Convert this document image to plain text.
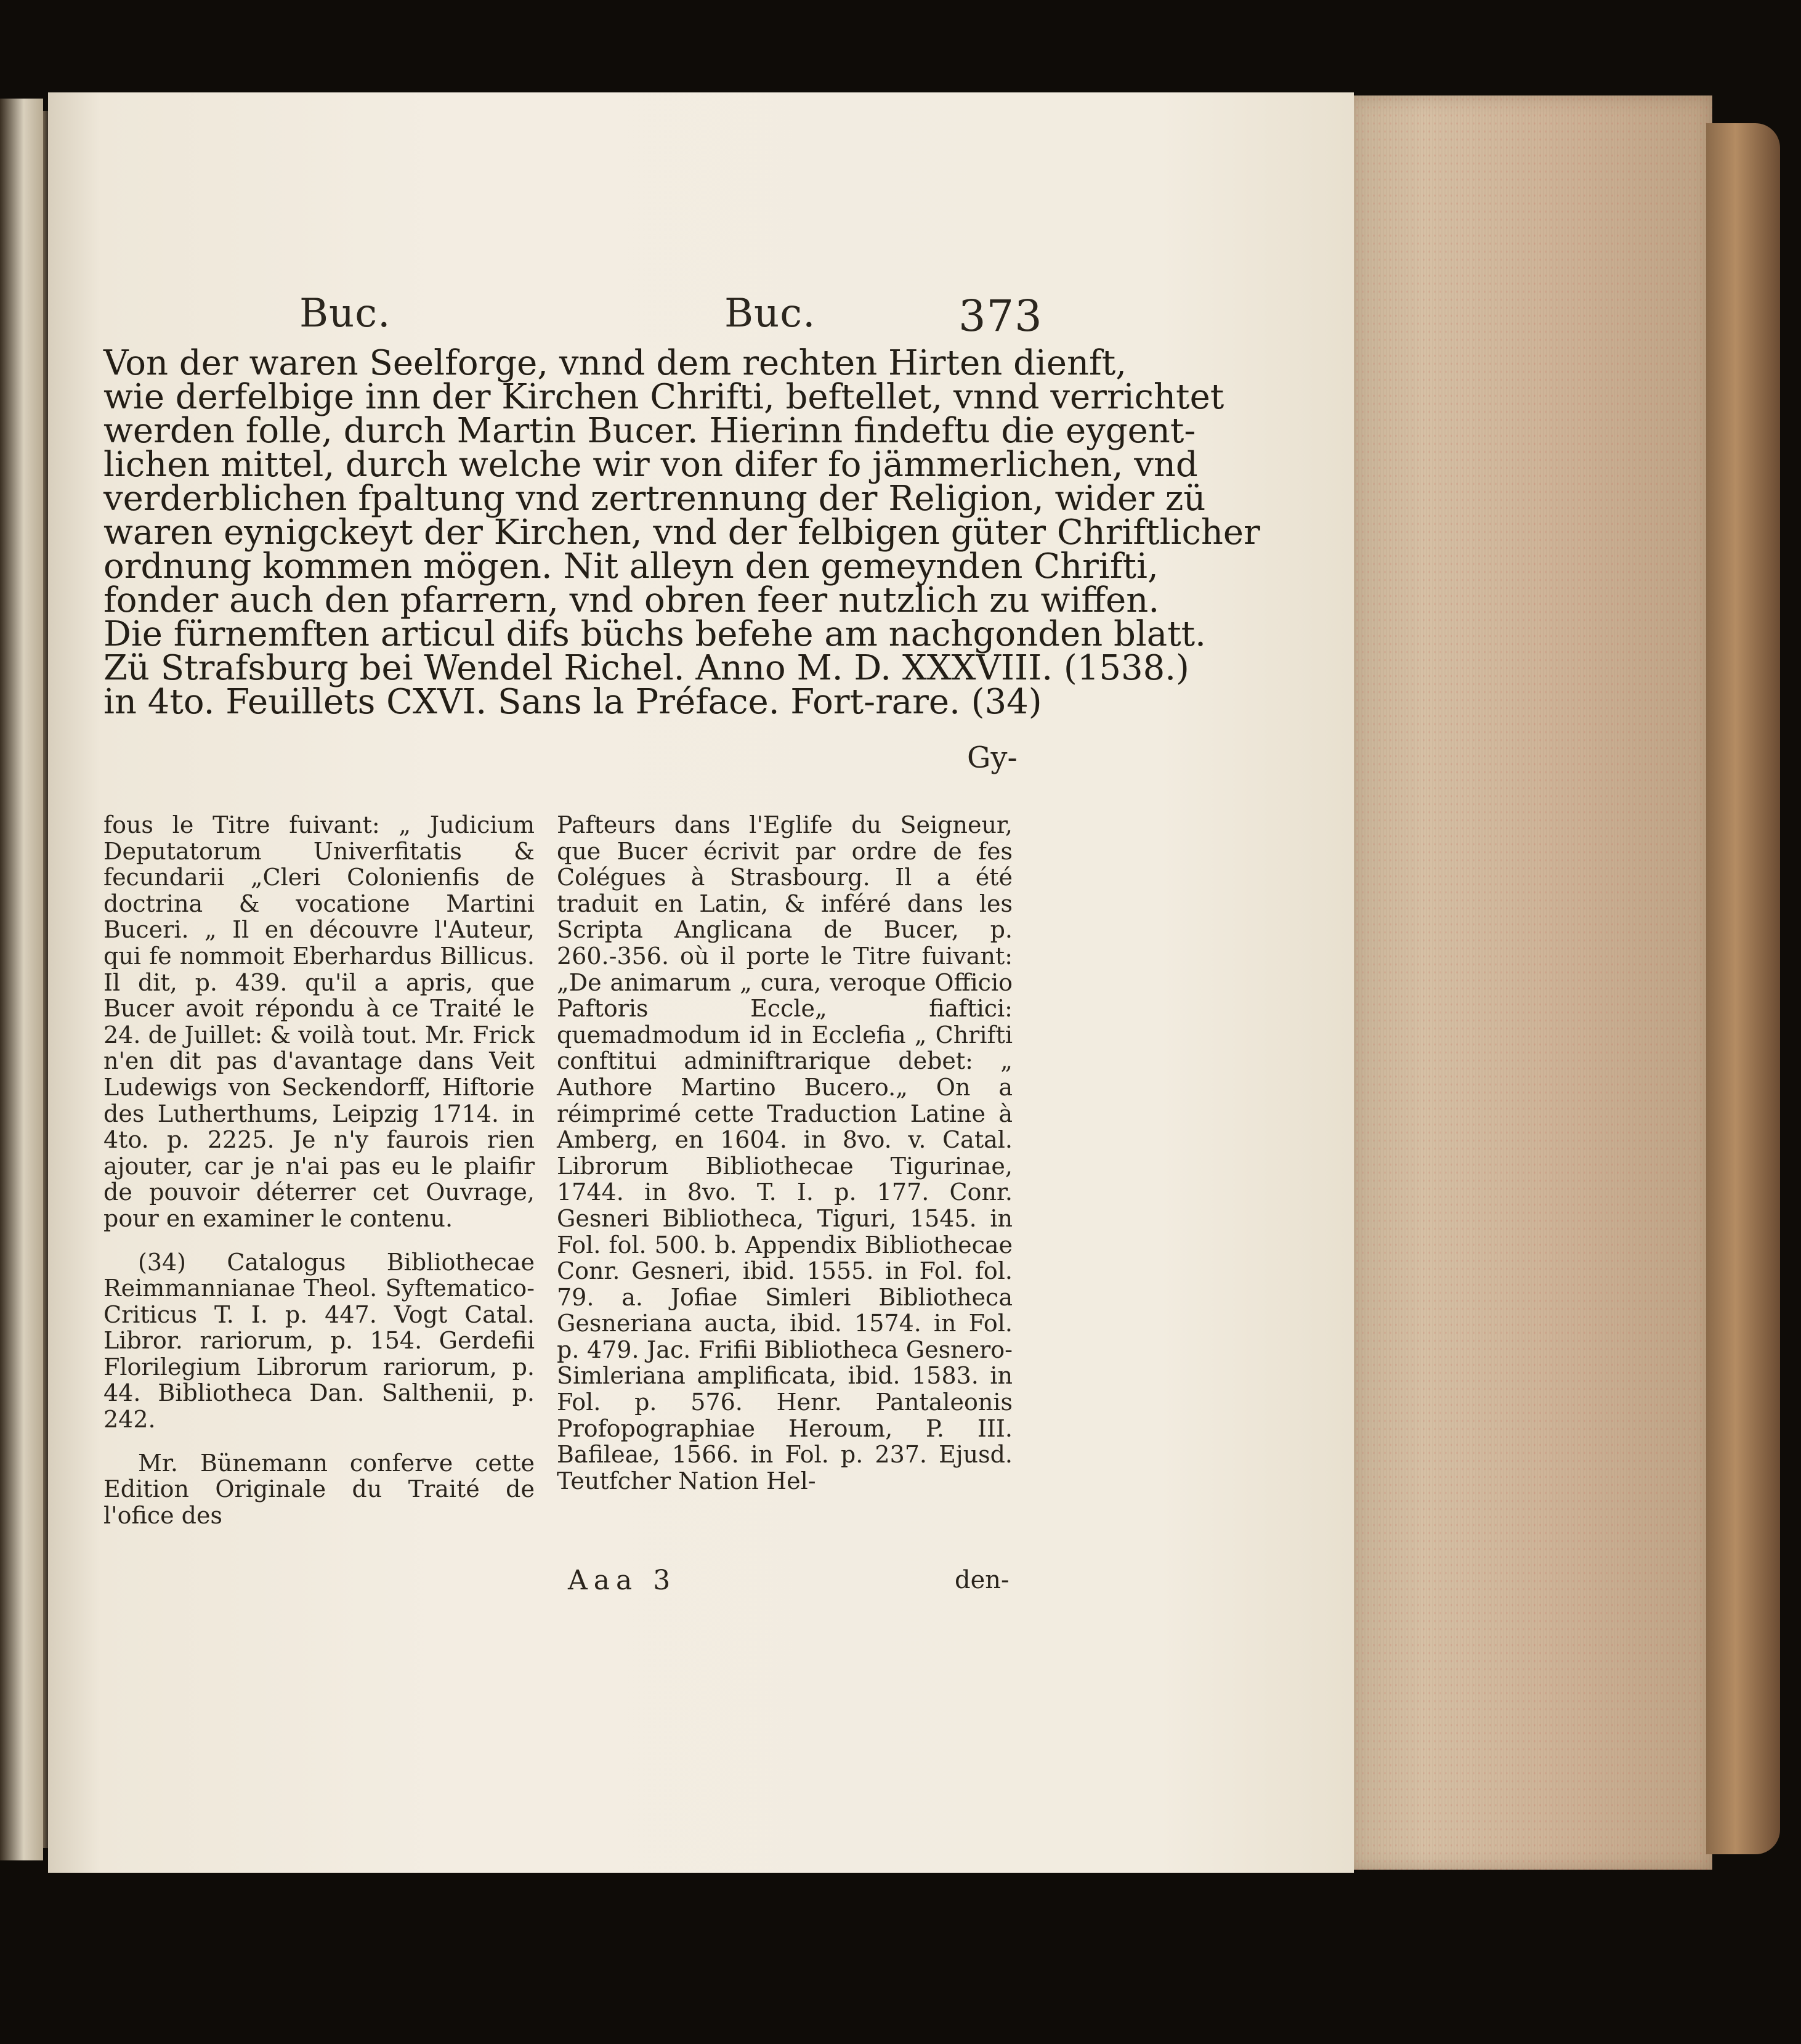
Buc.	Buc.	373
Von der waren Seelforge, vnnd dem rechten Hirten dienft,
wie derfelbige inn der Kirchen Chrifti, beftellet, vnnd verrichtet
werden folle, durch Martin Bucer. Hierinn findeftu die eygent-
lichen mittel, durch welche wir von difer fo jämmerlichen, vnd
verderblichen fpaltung vnd zertrennung der Religion, wider zü
waren eynigckeyt der Kirchen, vnd der felbigen güter Chriftlicher
ordnung kommen mögen. Nit alleyn den gemeynden Chrifti,
fonder auch den pfarrern, vnd obren feer nutzlich zu wiffen.
Die fürnemften articul difs büchs befehe am nachgonden blatt.
Zü Strafsburg bei Wendel Richel. Anno M. D. XXXVIII. (1538.)
in 4to. Feuillets CXVI. Sans la Préface. Fort-rare. (34)
Gy-

fous le Titre fuivant: „ Judicium Deputatorum Univerfitatis & fecundarii „Cleri Colonienfis de doctrina & vocatione Martini Buceri. „ Il en découvre l'Auteur, qui fe nommoit Eberhardus Billicus. Il dit, p. 439. qu'il a apris, que Bucer avoit répondu à ce Traité le 24. de Juillet: & voilà tout. Mr. Frick n'en dit pas d'avantage dans Veit Ludewigs von Seckendorff, Hiftorie des Lutherthums, Leipzig 1714. in 4to. p. 2225. Je n'y faurois rien ajouter, car je n'ai pas eu le plaifir de pouvoir déterrer cet Ouvrage, pour en examiner le contenu.

(34) Catalogus Bibliothecae Reimmannianae Theol. Syftematico-Criticus T. I. p. 447. Vogt Catal. Libror. rariorum, p. 154. Gerdefii Florilegium Librorum rariorum, p. 44. Bibliotheca Dan. Salthenii, p. 242.

Mr. Bünemann conferve cette Edition Originale du Traité de l'ofice des

Pafteurs dans l'Eglife du Seigneur, que Bucer écrivit par ordre de fes Colégues à Strasbourg. Il a été traduit en Latin, & inféré dans les Scripta Anglicana de Bucer, p. 260.-356. où il porte le Titre fuivant: „De animarum „ cura, veroque Officio Paftoris Eccle„ fiaftici: quemadmodum id in Ecclefia „ Chrifti conftitui adminiftrarique debet: „ Authore Martino Bucero.„ On a réimprimé cette Traduction Latine à Amberg, en 1604. in 8vo. v. Catal. Librorum Bibliothecae Tigurinae, 1744. in 8vo. T. I. p. 177. Conr. Gesneri Bibliotheca, Tiguri, 1545. in Fol. fol. 500. b. Appendix Bibliothecae Conr. Gesneri, ibid. 1555. in Fol. fol. 79. a. Jofiae Simleri Bibliotheca Gesneriana aucta, ibid. 1574. in Fol. p. 479. Jac. Frifii Bibliotheca Gesnero-Simleriana amplificata, ibid. 1583. in Fol. p. 576. Henr. Pantaleonis Profopographiae Heroum, P. III. Bafileae, 1566. in Fol. p. 237. Ejusd. Teutfcher Nation Hel-

Aaa 3	den-
